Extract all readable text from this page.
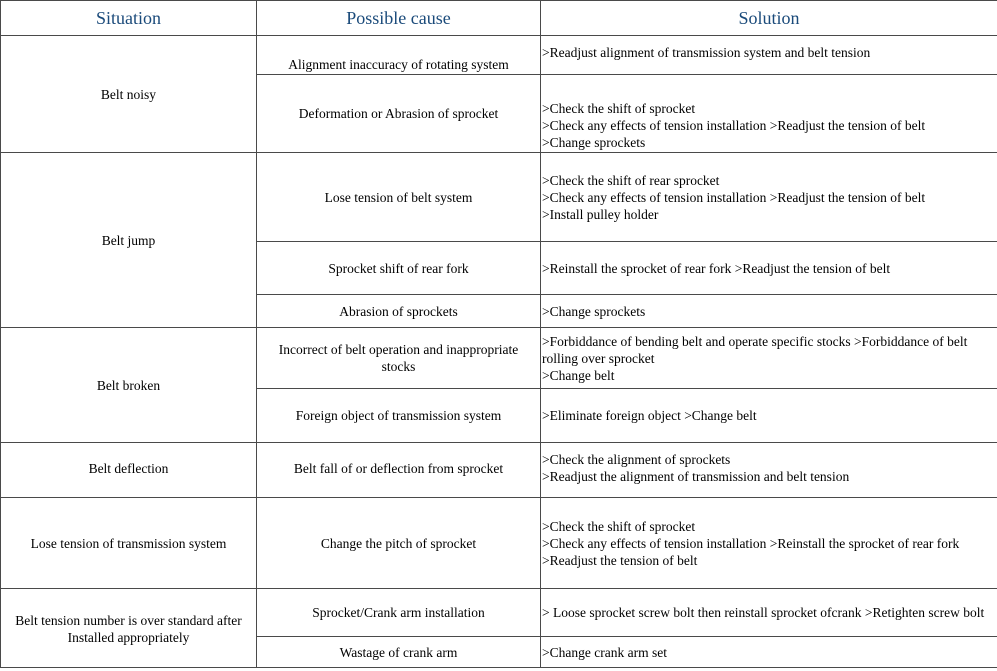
Situation	Possible cause	Solution
Belt noisy	Alignment inaccuracy of rotating system	>Readjust alignment of transmission system and belt tension

	Deformation or Abrasion of sprocket	>Check the shift of sprocket
>Check any effects of tension installation >Readjust the tension of belt
>Change sprockets

Belt jump	Lose tension of belt system	>Check the shift of rear sprocket
>Check any effects of tension installation >Readjust the tension of belt
>Install pulley holder

	Sprocket shift of rear fork	>Reinstall the sprocket of rear fork >Readjust the tension of belt

	Abrasion of sprockets	>Change sprockets

Belt broken	Incorrect of belt operation and inappropriate stocks	>Forbiddance of bending belt and operate specific stocks >Forbiddance of belt rolling over sprocket
>Change belt

	Foreign object of transmission system	>Eliminate foreign object >Change belt

Belt deflection	Belt fall of or deflection from sprocket	>Check the alignment of sprockets
>Readjust the alignment of transmission and belt tension

Lose tension of transmission system	Change the pitch of sprocket	>Check the shift of sprocket
>Check any effects of tension installation >Reinstall the sprocket of rear fork >Readjust the tension of belt

Belt tension number is over standard after Installed appropriately	Sprocket/Crank arm installation	> Loose sprocket screw bolt then reinstall sprocket ofcrank >Retighten screw bolt

	Wastage of crank arm	>Change crank arm set
